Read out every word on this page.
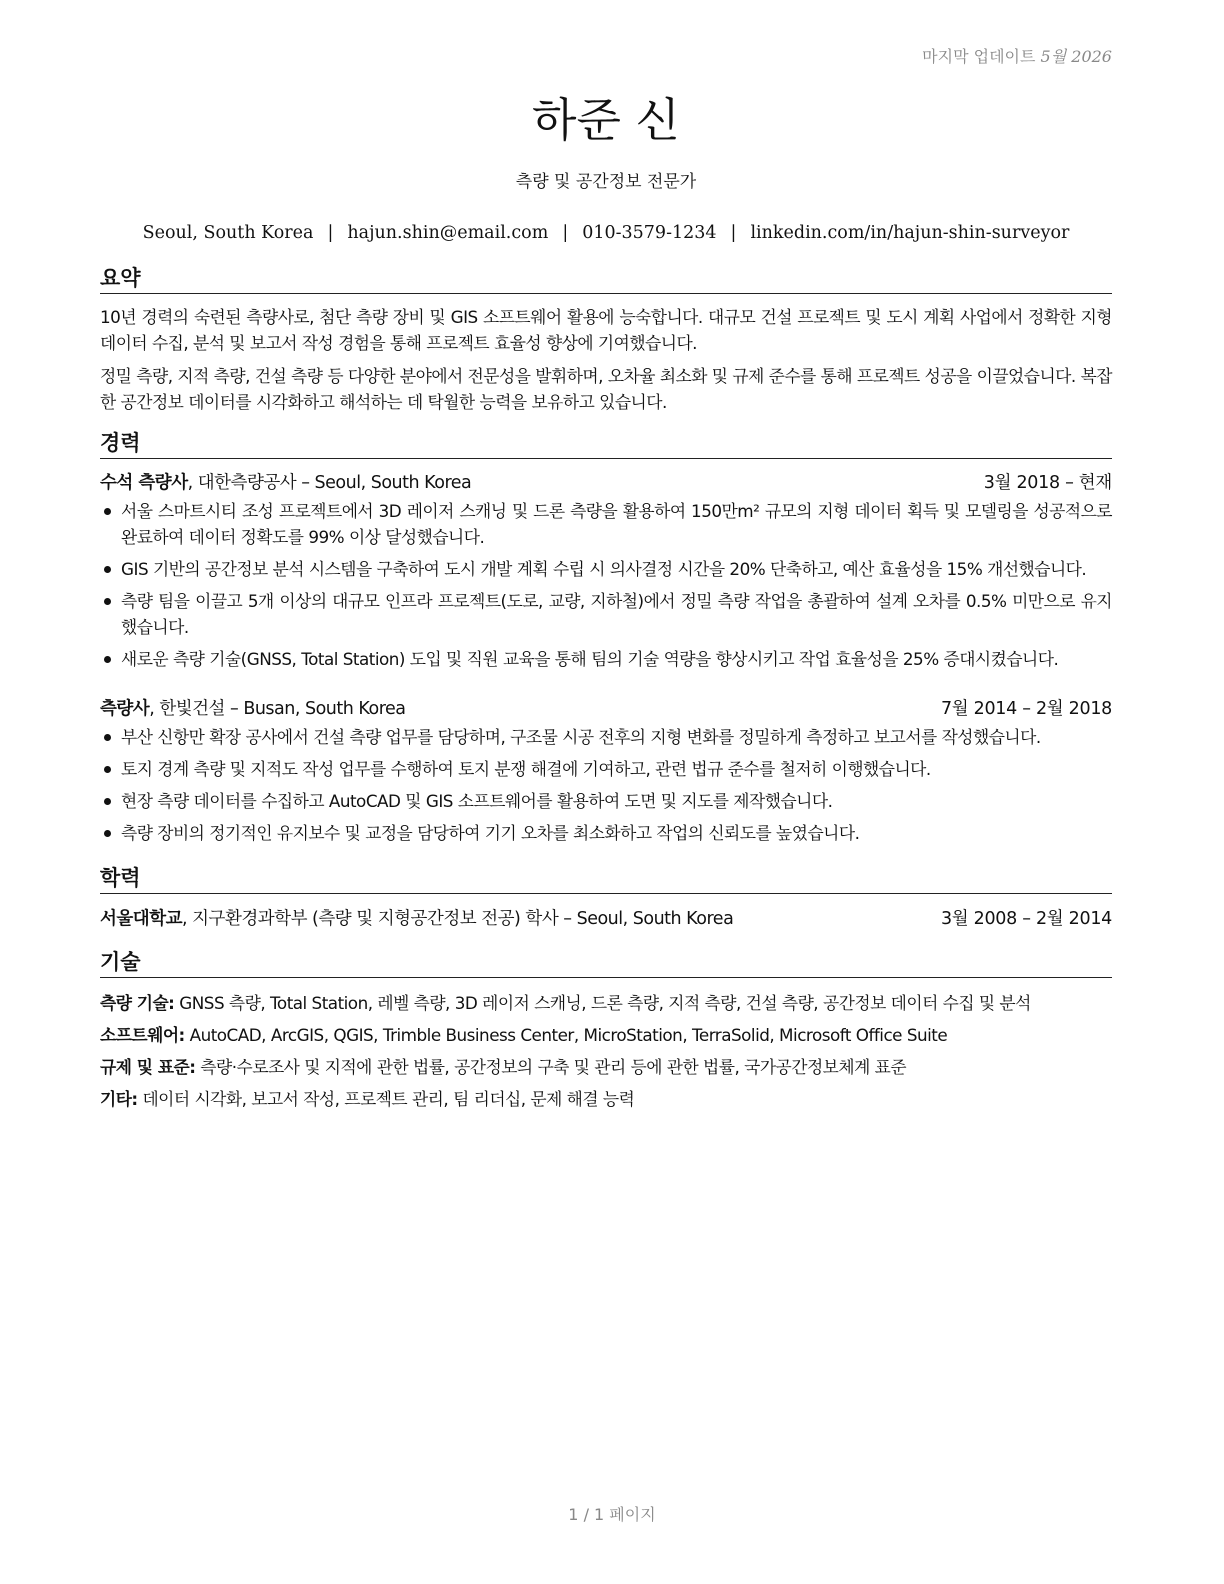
마지막 업데이트 5월 2026
하준 신
측량 및 공간정보 전문가
Seoul, South Korea | hajun.shin@email.com | 010-3579-1234 | linkedin.com/in/hajun-shin-surveyor
요약
10년 경력의 숙련된 측량사로, 첨단 측량 장비 및 GIS 소프트웨어 활용에 능숙합니다. 대규모 건설 프로젝트 및 도시 계획 사업에서 정확한 지형 데이터 수집, 분석 및 보고서 작성 경험을 통해 프로젝트 효율성 향상에 기여했습니다.
정밀 측량, 지적 측량, 건설 측량 등 다양한 분야에서 전문성을 발휘하며, 오차율 최소화 및 규제 준수를 통해 프로젝트 성공을 이끌었습니다. 복잡한 공간정보 데이터를 시각화하고 해석하는 데 탁월한 능력을 보유하고 있습니다.
경력
수석 측량사, 대한측량공사 – Seoul, South Korea	3월 2018 – 현재
서울 스마트시티 조성 프로젝트에서 3D 레이저 스캐닝 및 드론 측량을 활용하여 150만m² 규모의 지형 데이터 획득 및 모델링을 성공적으로 완료하여 데이터 정확도를 99% 이상 달성했습니다.
GIS 기반의 공간정보 분석 시스템을 구축하여 도시 개발 계획 수립 시 의사결정 시간을 20% 단축하고, 예산 효율성을 15% 개선했습니다.
측량 팀을 이끌고 5개 이상의 대규모 인프라 프로젝트(도로, 교량, 지하철)에서 정밀 측량 작업을 총괄하여 설계 오차를 0.5% 미만으로 유지했습니다.
새로운 측량 기술(GNSS, Total Station) 도입 및 직원 교육을 통해 팀의 기술 역량을 향상시키고 작업 효율성을 25% 증대시켰습니다.
측량사, 한빛건설 – Busan, South Korea	7월 2014 – 2월 2018
부산 신항만 확장 공사에서 건설 측량 업무를 담당하며, 구조물 시공 전후의 지형 변화를 정밀하게 측정하고 보고서를 작성했습니다.
토지 경계 측량 및 지적도 작성 업무를 수행하여 토지 분쟁 해결에 기여하고, 관련 법규 준수를 철저히 이행했습니다.
현장 측량 데이터를 수집하고 AutoCAD 및 GIS 소프트웨어를 활용하여 도면 및 지도를 제작했습니다.
측량 장비의 정기적인 유지보수 및 교정을 담당하여 기기 오차를 최소화하고 작업의 신뢰도를 높였습니다.
학력
서울대학교, 지구환경과학부 (측량 및 지형공간정보 전공) 학사 – Seoul, South Korea	3월 2008 – 2월 2014
기술
측량 기술: GNSS 측량, Total Station, 레벨 측량, 3D 레이저 스캐닝, 드론 측량, 지적 측량, 건설 측량, 공간정보 데이터 수집 및 분석
소프트웨어: AutoCAD, ArcGIS, QGIS, Trimble Business Center, MicroStation, TerraSolid, Microsoft Office Suite
규제 및 표준: 측량·수로조사 및 지적에 관한 법률, 공간정보의 구축 및 관리 등에 관한 법률, 국가공간정보체계 표준
기타: 데이터 시각화, 보고서 작성, 프로젝트 관리, 팀 리더십, 문제 해결 능력
1 / 1 페이지
